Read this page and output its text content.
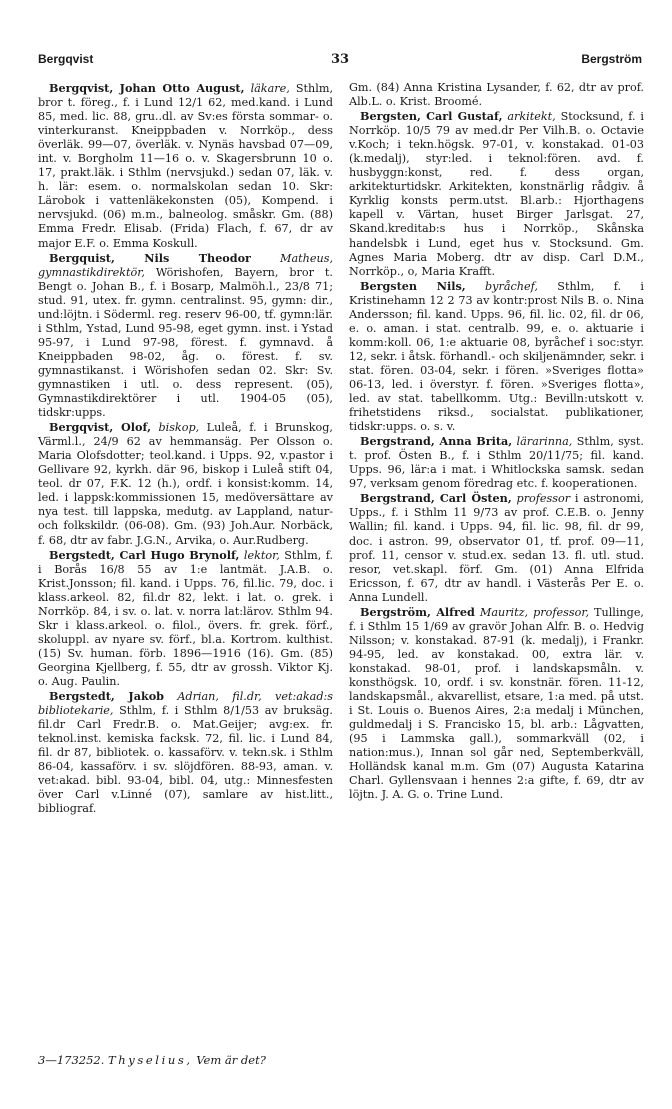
Bergqvist	33	Bergström

Bergqvist, Johan Otto August, läkare, Sthlm, bror t. föreg., f. i Lund 12/1 62, med.kand. i Lund 85, med. lic. 88, gru..dl. av Sv:es första sommar- o. vinterkuranst. Kneippbaden v. Norrköp., dess överläk. 99—07, överläk. v. Nynäs havsbad 07—09, int. v. Borgholm 11—16 o. v. Skagersbrunn 10 o. 17, prakt.läk. i Sthlm (nervsjukd.) sedan 07, läk. v. h. lär: esem. o. normalskolan sedan 10. Skr: Lärobok i vattenläkekonsten (05), Kompend. i nervsjukd. (06) m.m., balneolog. småskr. Gm. (88) Emma Fredr. Elisab. (Frida) Flach, f. 67, dr av major E.F. o. Emma Koskull.

Bergquist, Nils Theodor	Matheus, gymnastikdirektör, Wörishofen, Bayern, bror t. Bengt o. Johan B., f. i Bosarp, Malmöh.l., 23/8 71; stud. 91, utex. fr. gymn. centralinst. 95, gymn: dir., und:löjtn. i Söderml. reg. reserv 96-00, tf. gymn:lär. i Sthlm, Ystad, Lund 95-98, eget gymn. inst. i Ystad 95-97, i Lund 97-98, förest. f. gymnavd. å Kneippbaden 98-02, åg. o. förest. f. sv. gymnastikanst. i Wörishofen sedan 02. Skr: Sv. gymnastiken i utl. o. dess represent. (05), Gymnastikdirektörer i utl. 1904-05 (05), tidskr:upps.

Bergqvist, Olof, biskop, Luleå, f. i Brunskog, Värml.l., 24/9 62 av hemmansäg. Per Olsson o. Maria Olofsdotter; teol.kand. i Upps. 92, v.pastor i Gellivare 92, kyrkh. där 96, biskop i Luleå stift 04, teol. dr 07, F.K. 12 (h.), ordf. i konsist:komm. 14, led. i lappsk:kommissionen 15, medöversättare av nya test. till lappska, medutg. av Lappland, natur- och folkskildr. (06-08). Gm. (93) Joh.Aur. Norbäck, f. 68, dtr av fabr. J.G.N., Arvika, o. Aur.Rudberg.

Bergstedt, Carl Hugo Brynolf, lektor, Sthlm, f. i Borås 16/8 55 av 1:e lantmät. J.A.B. o. Krist.Jonsson; fil. kand. i Upps. 76, fil.lic. 79, doc. i klass.arkeol. 82, fil.dr 82, lekt. i lat. o. grek. i Norrköp. 84, i sv. o. lat. v. norra lat:lärov. Sthlm 94. Skr i klass.arkeol. o. filol., övers. fr. grek. förf., skoluppl. av nyare sv. förf., bl.a. Kortrom. kulthist. (15) Sv. human. förb. 1896—1916 (16). Gm. (85) Georgina Kjellberg, f. 55, dtr av grossh. Viktor Kj. o. Aug. Paulin.

Bergstedt, Jakob Adrian, fil.dr, vet:akad:s bibliotekarie, Sthlm, f. i Sthlm 8/1/53 av bruksäg. fil.dr Carl Fredr.B. o. Mat.Geijer; avg:ex. fr. teknol.inst. kemiska facksk. 72, fil. lic. i Lund 84, fil. dr 87, bibliotek. o. kassaförv. v. tekn.sk. i Sthlm 86-04, kassaförv. i sv. slöjdfören. 88-93, aman. v. vet:akad. bibl. 93-04, bibl. 04, utg.: Minnesfesten över Carl v.Linné (07), samlare av hist.litt., bibliograf.

Gm. (84) Anna Kristina Lysander, f. 62, dtr av prof. Alb.L. o. Krist. Broomé.

Bergsten, Carl Gustaf, arkitekt, Stocksund, f. i Norrköp. 10/5 79 av med.dr Per Vilh.B. o. Octavie v.Koch; i tekn.högsk. 97-01, v. konstakad. 01-03 (k.medalj), styr:led. i teknol:fören. avd. f. husbyggn:konst, red. f. dess organ, arkitekturtidskr. Arkitekten, konstnärlig rådgiv. å Kyrklig konsts perm.utst. Bl.arb.: Hjorthagens kapell v. Värtan, huset Birger Jarlsgat. 27, Skand.kreditab:s hus i Norrköp., Skånska handelsbk i Lund, eget hus v. Stocksund. Gm. Agnes Maria Moberg. dtr av disp. Carl D.M., Norrköp., o, Maria Krafft.

Bergsten Nils, byråchef, Sthlm, f. i Kristinehamn 12 2 73 av kontr:prost Nils B. o. Nina Andersson; fil. kand. Upps. 96, fil. lic. 02, fil. dr 06, e. o. aman. i stat. centralb. 99, e. o. aktuarie i komm:koll. 06, 1:e aktuarie 08, byråchef i soc:styr. 12, sekr. i åtsk. förhandl.- och skiljenämnder, sekr. i stat. fören. 03-04, sekr. i fören. »Sveriges flotta» 06-13, led. i överstyr. f. fören. »Sveriges flotta», led. av stat. tabellkomm. Utg.: Bevilln:utskott v. frihetstidens riksd., socialstat. publikationer, tidskr:upps. o. s. v.

Bergstrand, Anna Brita, lärarinna, Sthlm, syst. t. prof. Östen B., f. i Sthlm 20/11/75; fil. kand. Upps. 96, lär:a i mat. i Whitlockska samsk. sedan 97, verksam genom föredrag etc. f. kooperationen.

Bergstrand, Carl Östen, professor i astronomi, Upps., f. i Sthlm 11 9/73 av prof. C.E.B. o. Jenny Wallin; fil. kand. i Upps. 94, fil. lic. 98, fil. dr 99, doc. i astron. 99, observator 01, tf. prof. 09—11, prof. 11, censor v. stud.ex. sedan 13. fl. utl. stud. resor, vet.skapl. förf. Gm. (01) Anna Elfrida Ericsson, f. 67, dtr av handl. i Västerås Per E. o. Anna Lundell.

Bergström, Alfred Mauritz, professor, Tullinge, f. i Sthlm 15 1/69 av gravör Johan Alfr. B. o. Hedvig Nilsson; v. konstakad. 87-91 (k. medalj), i Frankr. 94-95, led. av konstakad. 00, extra lär. v. konstakad. 98-01, prof. i landskapsmåln. v. konsthögsk. 10, ordf. i sv. konstnär. fören. 11-12, landskapsmål., akvarellist, etsare, 1:a med. på utst. i St. Louis o. Buenos Aires, 2:a medalj i München, guldmedalj i S. Francisko 15, bl. arb.: Lågvatten, (95 i Lammska gall.), sommarkväll (02, i nation:mus.), Innan sol går ned, Septemberkväll, Holländsk kanal m.m. Gm (07) Augusta Katarina Charl. Gyllensvaan i hennes 2:a gifte, f. 69, dtr av löjtn. J. A. G. o. Trine Lund.

3—173252. Thyselius, Vem är det?
